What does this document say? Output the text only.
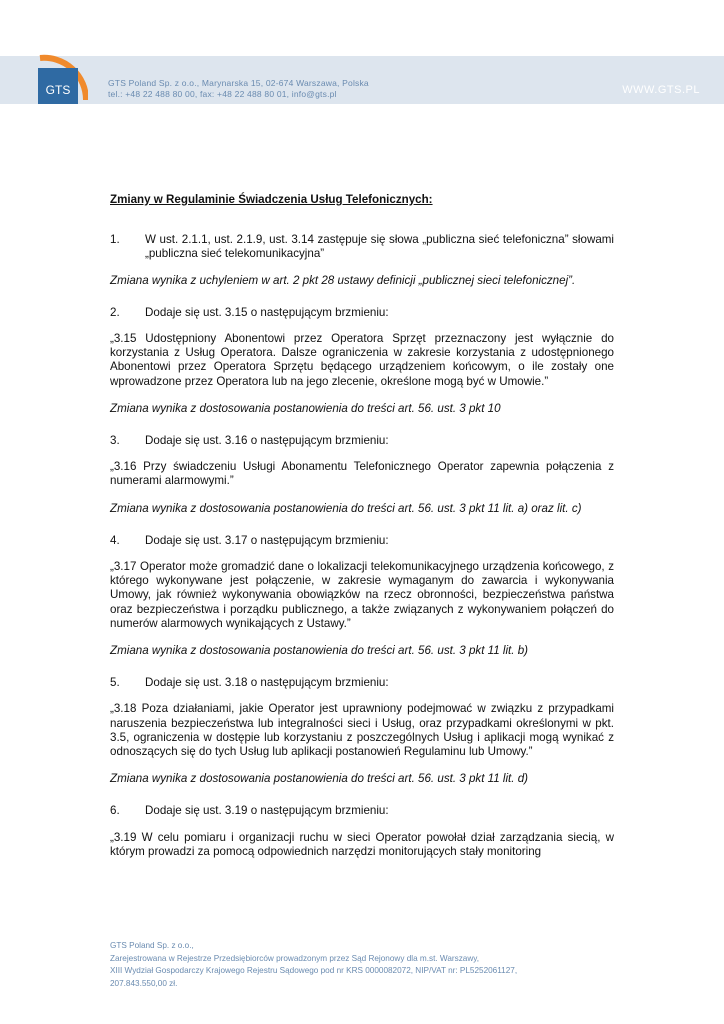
GTS	GTS Poland Sp. z o.o., Marynarska 15, 02-674 Warszawa, Polska
tel.: +48 22 488 80 00, fax: +48 22 488 80 01, info@gts.pl	WWW.GTS.PL

Zmiany w Regulaminie Świadczenia Usług Telefonicznych:

1.	W ust. 2.1.1, ust. 2.1.9, ust. 3.14 zastępuje się słowa „publiczna sieć telefoniczna” słowami „publiczna sieć telekomunikacyjna”

Zmiana wynika z uchyleniem w art. 2 pkt 28 ustawy definicji „publicznej sieci telefonicznej”.

2.	Dodaje się ust. 3.15 o następującym brzmieniu:

„3.15 Udostępniony Abonentowi przez Operatora Sprzęt przeznaczony jest wyłącznie do korzystania z Usług Operatora. Dalsze ograniczenia w zakresie korzystania z udostępnionego Abonentowi przez Operatora Sprzętu będącego urządzeniem końcowym, o ile zostały one wprowadzone przez Operatora lub na jego zlecenie, określone mogą być w Umowie.”

Zmiana wynika z dostosowania postanowienia do treści art. 56. ust. 3 pkt 10

3.	Dodaje się ust. 3.16 o następującym brzmieniu:

„3.16 Przy świadczeniu Usługi Abonamentu Telefonicznego Operator zapewnia połączenia z numerami alarmowymi.”

Zmiana wynika z dostosowania postanowienia do treści art. 56. ust. 3 pkt 11 lit. a) oraz lit. c)

4.	Dodaje się ust. 3.17 o następującym brzmieniu:

„3.17 Operator może gromadzić dane o lokalizacji telekomunikacyjnego urządzenia końcowego, z którego wykonywane jest połączenie, w zakresie wymaganym do zawarcia i wykonywania Umowy, jak również wykonywania obowiązków na rzecz obronności, bezpieczeństwa państwa oraz bezpieczeństwa i porządku publicznego, a także związanych z wykonywaniem połączeń do numerów alarmowych wynikających z Ustawy.”

Zmiana wynika z dostosowania postanowienia do treści art. 56. ust. 3 pkt 11 lit. b)

5.	Dodaje się ust. 3.18 o następującym brzmieniu:

„3.18 Poza działaniami, jakie Operator jest uprawniony podejmować w związku z przypadkami naruszenia bezpieczeństwa lub integralności sieci i Usług, oraz przypadkami określonymi w pkt. 3.5, ograniczenia w dostępie lub korzystaniu z poszczególnych Usług i aplikacji mogą wynikać z odnoszących się do tych Usług lub aplikacji postanowień Regulaminu lub Umowy.”

Zmiana wynika z dostosowania postanowienia do treści art. 56. ust. 3 pkt 11 lit. d)

6.	Dodaje się ust. 3.19 o następującym brzmieniu:

„3.19 W celu pomiaru i organizacji ruchu w sieci Operator powołał dział zarządzania siecią, w którym prowadzi za pomocą odpowiednich narzędzi monitorujących stały monitoring

GTS Poland Sp. z o.o.,
Zarejestrowana w Rejestrze Przedsiębiorców prowadzonym przez Sąd Rejonowy dla m.st. Warszawy,
XIII Wydział Gospodarczy Krajowego Rejestru Sądowego pod nr KRS 0000082072, NIP/VAT nr: PL5252061127,
207.843.550,00 zł.
